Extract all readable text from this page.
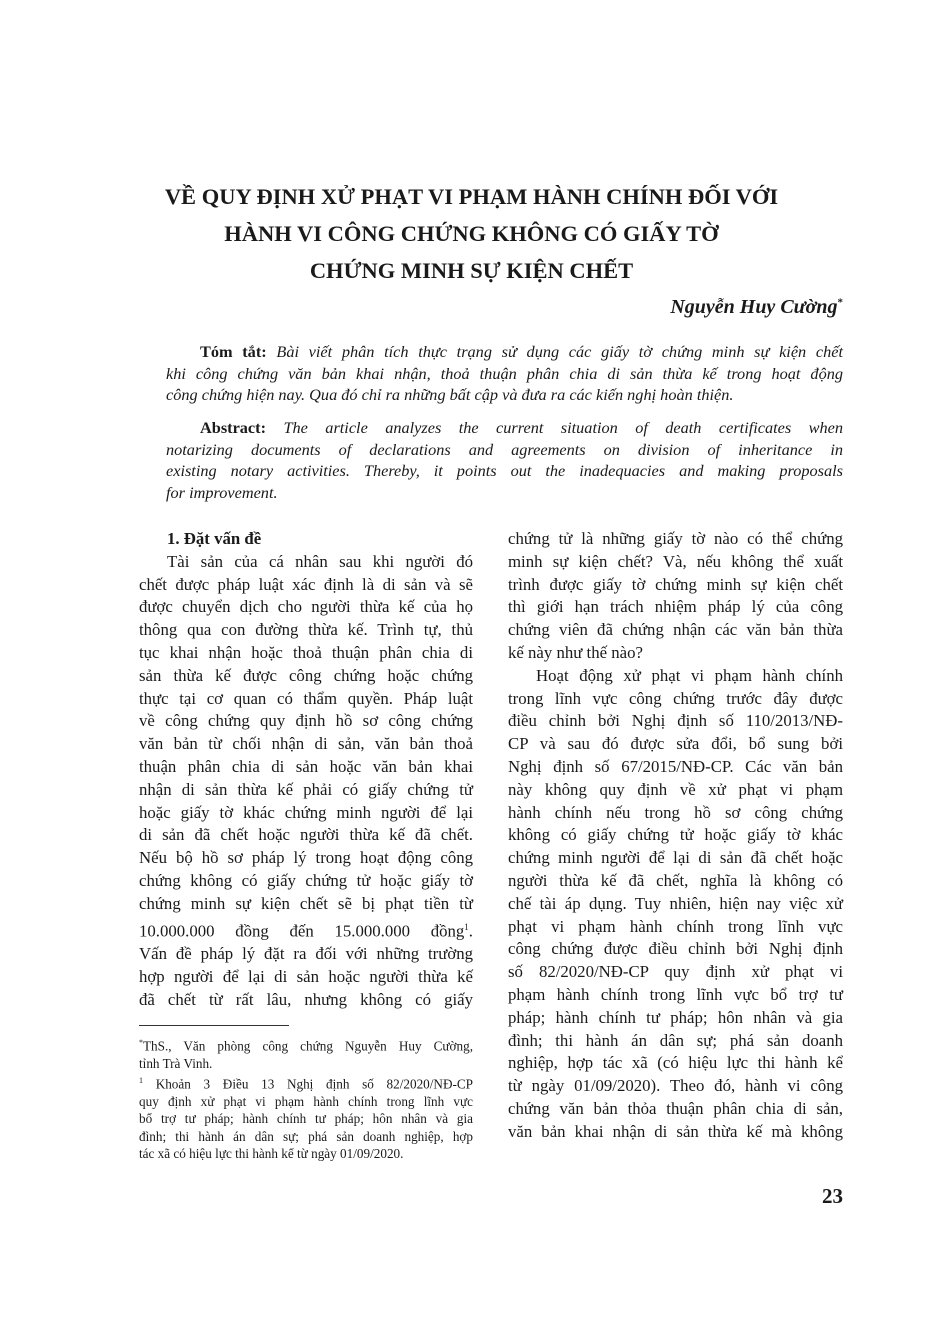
VỀ QUY ĐỊNH XỬ PHẠT VI PHẠM HÀNH CHÍNH ĐỐI VỚI
HÀNH VI CÔNG CHỨNG KHÔNG CÓ GIẤY TỜ
CHỨNG MINH SỰ KIỆN CHẾT
Nguyễn Huy Cường*
Tóm tắt: Bài viết phân tích thực trạng sử dụng các giấy tờ chứng minh sự kiện chết
khi công chứng văn bản khai nhận, thoả thuận phân chia di sản thừa kế trong hoạt động
công chứng hiện nay. Qua đó chỉ ra những bất cập và đưa ra các kiến nghị hoàn thiện.
Abstract: The article analyzes the current situation of death certificates when
notarizing documents of declarations and agreements on division of inheritance in
existing notary activities. Thereby, it points out the inadequacies and making proposals
for improvement.
1. Đặt vấn đề
Tài sản của cá nhân sau khi người đó
chết được pháp luật xác định là di sản và sẽ
được chuyển dịch cho người thừa kế của họ
thông qua con đường thừa kế. Trình tự, thủ
tục khai nhận hoặc thoả thuận phân chia di
sản thừa kế được công chứng hoặc chứng
thực tại cơ quan có thẩm quyền. Pháp luật
về công chứng quy định hồ sơ công chứng
văn bản từ chối nhận di sản, văn bản thoả
thuận phân chia di sản hoặc văn bản khai
nhận di sản thừa kế phải có giấy chứng tử
hoặc giấy tờ khác chứng minh người để lại
di sản đã chết hoặc người thừa kế đã chết.
Nếu bộ hồ sơ pháp lý trong hoạt động công
chứng không có giấy chứng tử hoặc giấy tờ
chứng minh sự kiện chết sẽ bị phạt tiền từ
10.000.000 đồng đến 15.000.000 đồng$^1$.
Vấn đề pháp lý đặt ra đối với những trường
hợp người để lại di sản hoặc người thừa kế
đã chết từ rất lâu, nhưng không có giấy
chứng tử là những giấy tờ nào có thể chứng
minh sự kiện chết? Và, nếu không thể xuất
trình được giấy tờ chứng minh sự kiện chết
thì giới hạn trách nhiệm pháp lý của công
chứng viên đã chứng nhận các văn bản thừa
kế này như thế nào?
Hoạt động xử phạt vi phạm hành chính
trong lĩnh vực công chứng trước đây được
điều chỉnh bởi Nghị định số 110/2013/NĐ-
CP và sau đó được sửa đổi, bổ sung bởi
Nghị định số 67/2015/NĐ-CP. Các văn bản
này không quy định về xử phạt vi phạm
hành chính nếu trong hồ sơ công chứng
không có giấy chứng tử hoặc giấy tờ khác
chứng minh người để lại di sản đã chết hoặc
người thừa kế đã chết, nghĩa là không có
chế tài áp dụng. Tuy nhiên, hiện nay việc xử
phạt vi phạm hành chính trong lĩnh vực
công chứng được điều chỉnh bởi Nghị định
số 82/2020/NĐ-CP quy định xử phạt vi
phạm hành chính trong lĩnh vực bổ trợ tư
pháp; hành chính tư pháp; hôn nhân và gia
đình; thi hành án dân sự; phá sản doanh
nghiệp, hợp tác xã (có hiệu lực thi hành kể
từ ngày 01/09/2020). Theo đó, hành vi công
chứng văn bản thỏa thuận phân chia di sản,
văn bản khai nhận di sản thừa kế mà không
*ThS., Văn phòng công chứng Nguyễn Huy Cường,
tỉnh Trà Vinh.
$^1$ Khoản 3 Điều 13 Nghị định số 82/2020/NĐ-CP
quy định xử phạt vi phạm hành chính trong lĩnh vực
bổ trợ tư pháp; hành chính tư pháp; hôn nhân và gia
đình; thi hành án dân sự; phá sản doanh nghiệp, hợp
tác xã có hiệu lực thi hành kể từ ngày 01/09/2020.
23
